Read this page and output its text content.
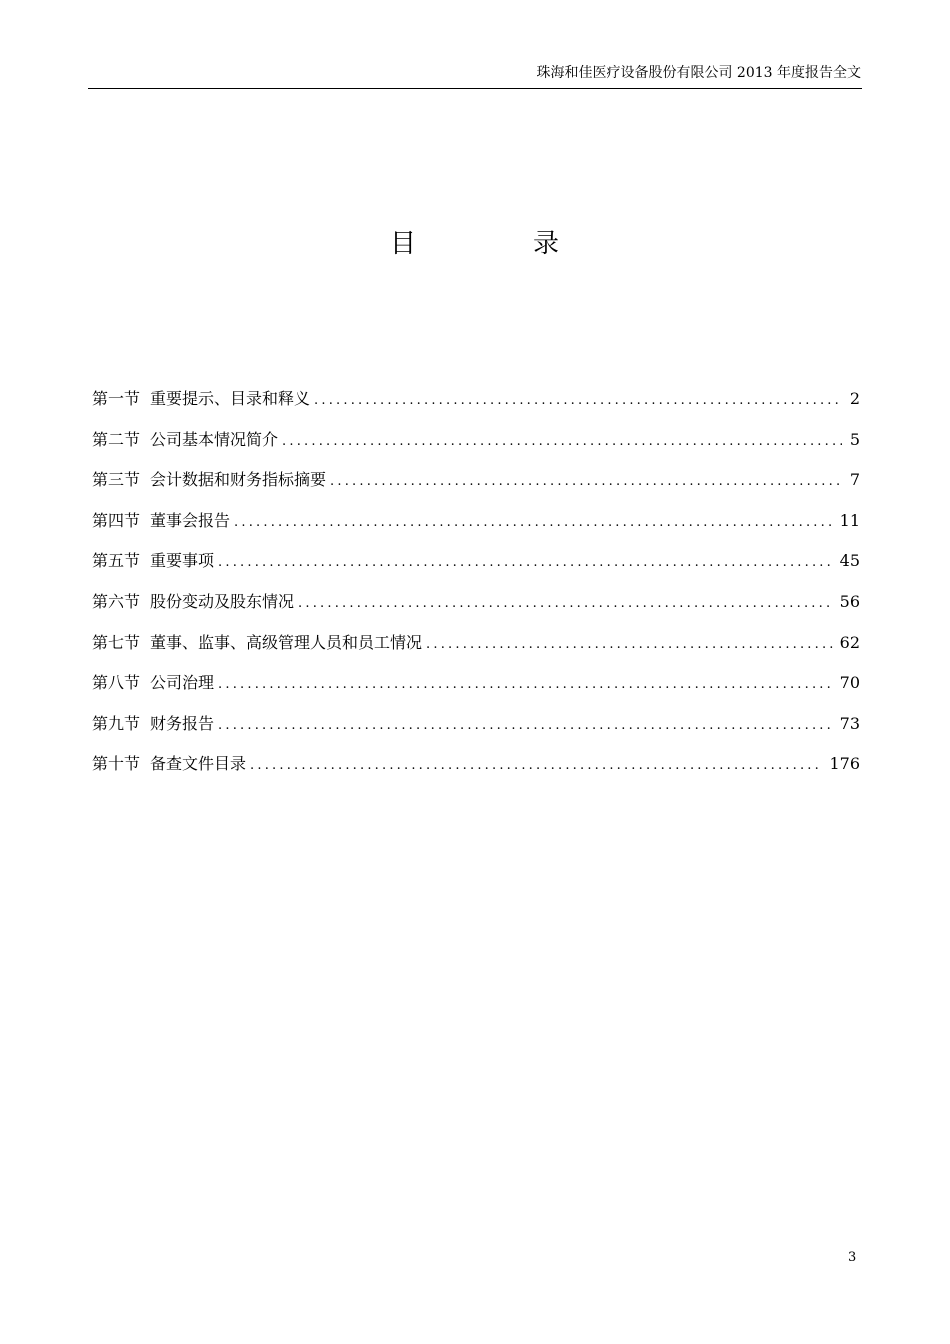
珠海和佳医疗设备股份有限公司 2013 年度报告全文
目	录
第一节 重要提示、目录和释义 .....	2
第二节 公司基本情况简介 .....	5
第三节 会计数据和财务指标摘要 .....	7
第四节 董事会报告 .....	11
第五节 重要事项 .....	45
第六节 股份变动及股东情况 .....	56
第七节 董事、监事、高级管理人员和员工情况 .....	62
第八节 公司治理 .....	70
第九节 财务报告 .....	73
第十节 备查文件目录 .....	176
3
